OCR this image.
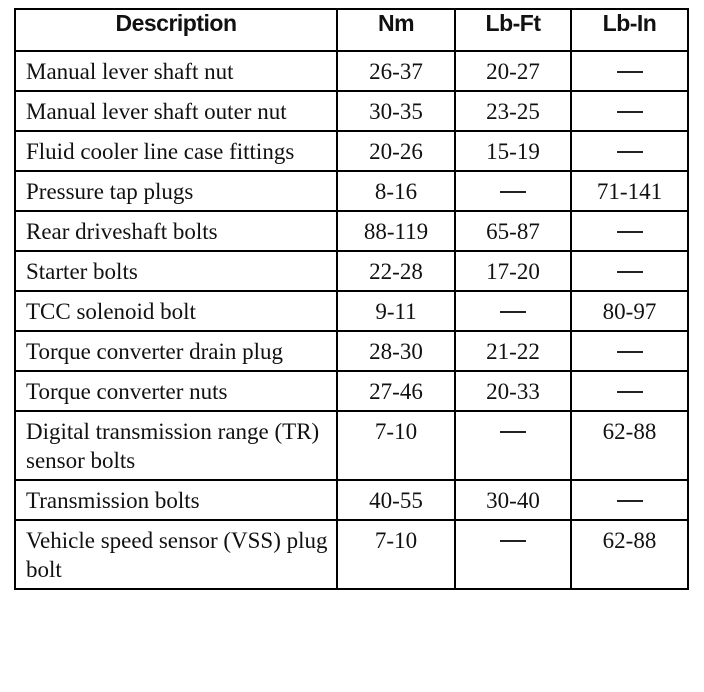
Description	Nm	Lb-Ft	Lb-In
Manual lever shaft nut	26-37	20-27	
Manual lever shaft outer nut	30-35	23-25	
Fluid cooler line case fittings	20-26	15-19	
Pressure tap plugs	8-16		71-141
Rear driveshaft bolts	88-119	65-87	
Starter bolts	22-28	17-20	
TCC solenoid bolt	9-11		80-97
Torque converter drain plug	28-30	21-22	
Torque converter nuts	27-46	20-33	
Digital transmission range (TR) sensor bolts	7-10		62-88
Transmission bolts	40-55	30-40	
Vehicle speed sensor (VSS) plug bolt	7-10		62-88
